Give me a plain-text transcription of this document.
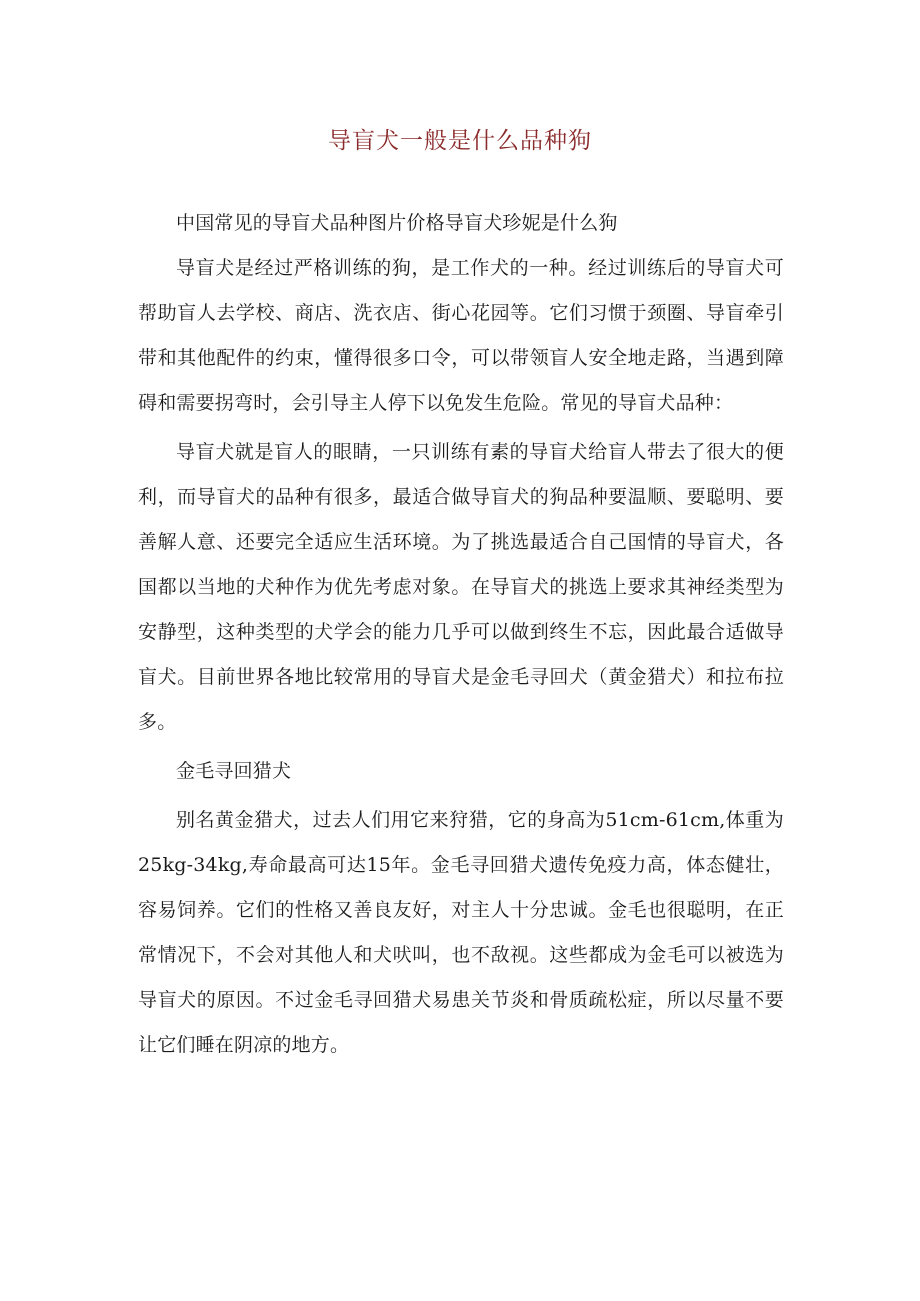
导盲犬一般是什么品种狗

中国常见的导盲犬品种图片价格导盲犬珍妮是什么狗

导盲犬是经过严格训练的狗，是工作犬的一种。经过训练后的导盲犬可帮助盲人去学校、商店、洗衣店、街心花园等。它们习惯于颈圈、导盲牵引带和其他配件的约束，懂得很多口令，可以带领盲人安全地走路，当遇到障碍和需要拐弯时，会引导主人停下以免发生危险。常见的导盲犬品种：

导盲犬就是盲人的眼睛，一只训练有素的导盲犬给盲人带去了很大的便利，而导盲犬的品种有很多，最适合做导盲犬的狗品种要温顺、要聪明、要善解人意、还要完全适应生活环境。为了挑选最适合自己国情的导盲犬，各国都以当地的犬种作为优先考虑对象。在导盲犬的挑选上要求其神经类型为安静型，这种类型的犬学会的能力几乎可以做到终生不忘，因此最合适做导盲犬。目前世界各地比较常用的导盲犬是金毛寻回犬（黄金猎犬）和拉布拉多。

金毛寻回猎犬

别名黄金猎犬，过去人们用它来狩猎，它的身高为51cm-61cm,体重为25kg-34kg,寿命最高可达15年。金毛寻回猎犬遗传免疫力高，体态健壮，容易饲养。它们的性格又善良友好，对主人十分忠诚。金毛也很聪明，在正常情况下，不会对其他人和犬吠叫，也不敌视。这些都成为金毛可以被选为导盲犬的原因。不过金毛寻回猎犬易患关节炎和骨质疏松症，所以尽量不要让它们睡在阴凉的地方。
